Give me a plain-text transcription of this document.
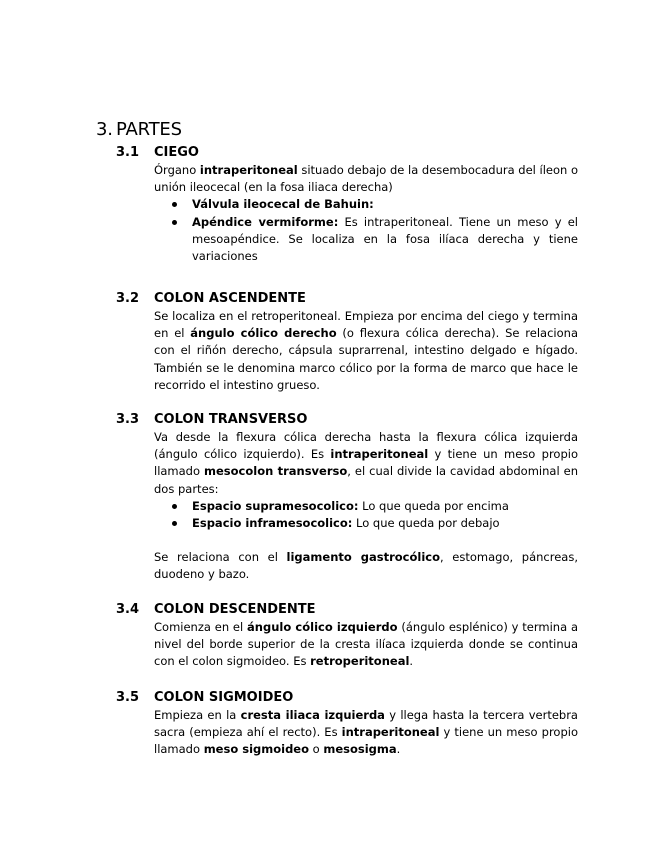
3. PARTES
3.1 CIEGO

Órgano intraperitoneal situado debajo de la desembocadura del íleon o unión ileocecal (en la fosa iliaca derecha)

Válvula ileocecal de Bahuin:
Apéndice vermiforme: Es intraperitoneal. Tiene un meso y el mesoapéndice. Se localiza en la fosa ilíaca derecha y tiene variaciones
3.2 COLON ASCENDENTE

Se localiza en el retroperitoneal. Empieza por encima del ciego y termina en el ángulo cólico derecho (o flexura cólica derecha). Se relaciona con el riñón derecho, cápsula suprarrenal, intestino delgado e hígado. También se le denomina marco cólico por la forma de marco que hace le recorrido el intestino grueso.

3.3 COLON TRANSVERSO

Va desde la flexura cólica derecha hasta la flexura cólica izquierda (ángulo cólico izquierdo). Es intraperitoneal y tiene un meso propio llamado mesocolon transverso, el cual divide la cavidad abdominal en dos partes:

Espacio supramesocolico: Lo que queda por encima
Espacio inframesocolico: Lo que queda por debajo

Se relaciona con el ligamento gastrocólico, estomago, páncreas, duodeno y bazo.

3.4 COLON DESCENDENTE

Comienza en el ángulo cólico izquierdo (ángulo esplénico) y termina a nivel del borde superior de la cresta ilíaca izquierda donde se continua con el colon sigmoideo. Es retroperitoneal.

3.5 COLON SIGMOIDEO

Empieza en la cresta iliaca izquierda y llega hasta la tercera vertebra sacra (empieza ahí el recto). Es intraperitoneal y tiene un meso propio llamado meso sigmoideo o mesosigma.
